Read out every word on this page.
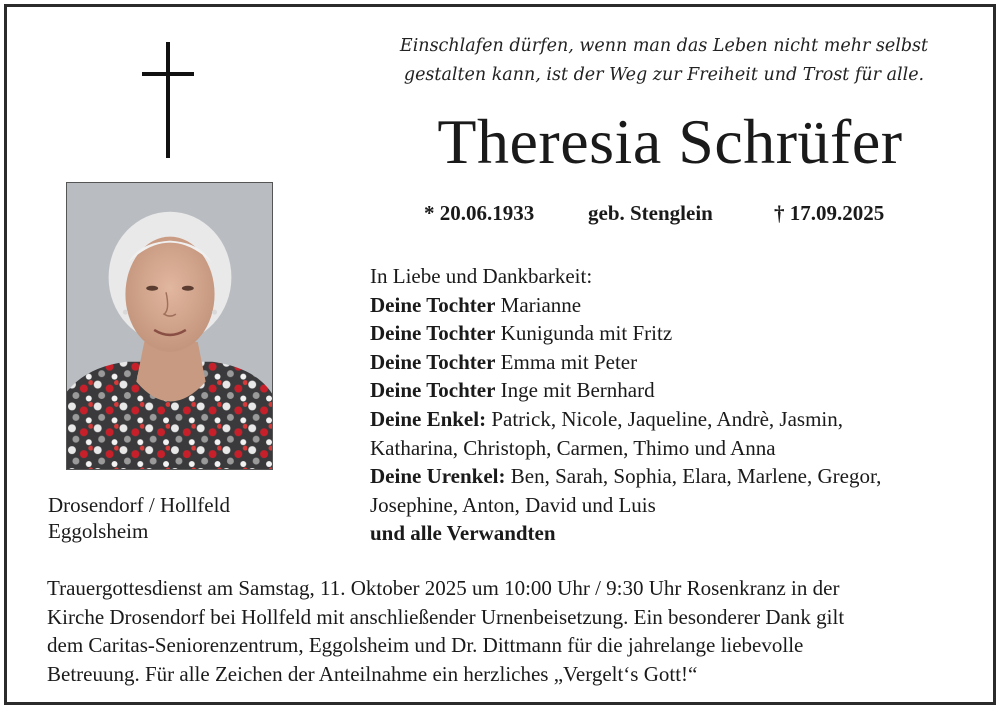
Einschlafen dürfen, wenn man das Leben nicht mehr selbst
gestalten kann, ist der Weg zur Freiheit und Trost für alle.
Theresia Schrüfer
* 20.06.1933	geb. Stenglein	† 17.09.2025
Drosendorf / Hollfeld
Eggolsheim
In Liebe und Dankbarkeit:
Deine Tochter Marianne
Deine Tochter Kunigunda mit Fritz
Deine Tochter Emma mit Peter
Deine Tochter Inge mit Bernhard
Deine Enkel: Patrick, Nicole, Jaqueline, Andrè, Jasmin,
Katharina, Christoph, Carmen, Thimo und Anna
Deine Urenkel: Ben, Sarah, Sophia, Elara, Marlene, Gregor,
Josephine, Anton, David und Luis
und alle Verwandten
Trauergottesdienst am Samstag, 11. Oktober 2025 um 10:00 Uhr / 9:30 Uhr Rosenkranz in der
Kirche Drosendorf bei Hollfeld mit anschließender Urnenbeisetzung. Ein besonderer Dank gilt
dem Caritas-Seniorenzentrum, Eggolsheim und Dr. Dittmann für die jahrelange liebevolle
Betreuung. Für alle Zeichen der Anteilnahme ein herzliches „Vergelt‘s Gott!“
